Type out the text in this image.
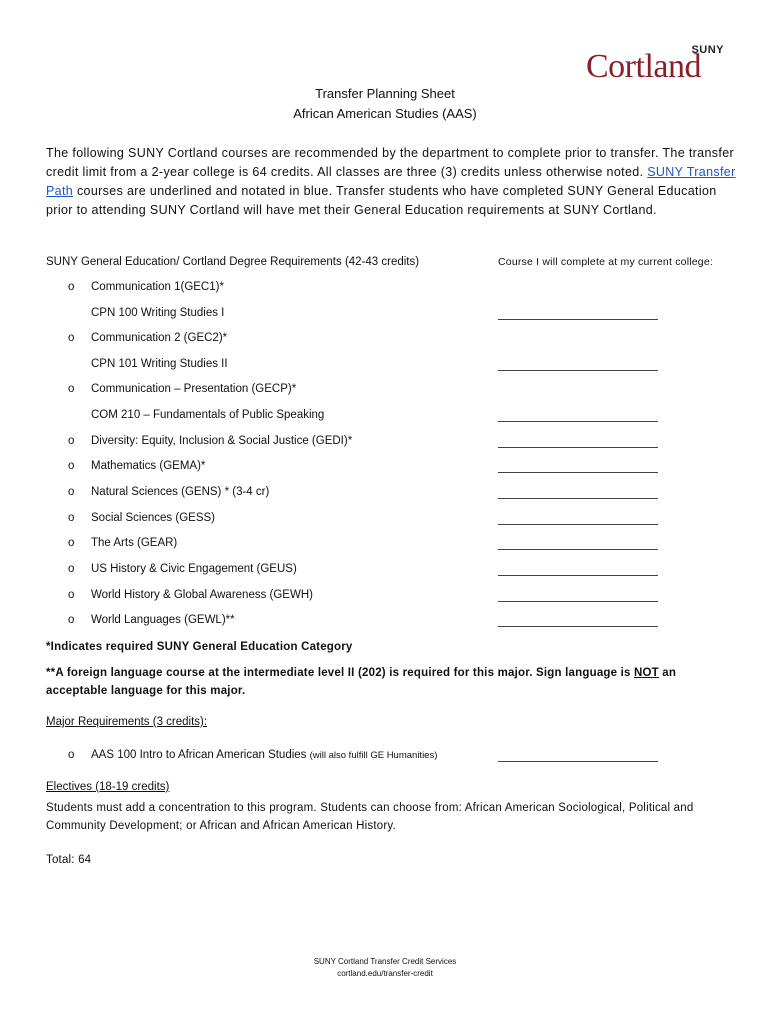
SUNY
Cortland
Transfer Planning Sheet
African American Studies (AAS)

The following SUNY Cortland courses are recommended by the department to complete prior to transfer. The transfer credit limit from a 2-year college is 64 credits. All classes are three (3) credits unless otherwise noted. SUNY Transfer Path courses are underlined and notated in blue. Transfer students who have completed SUNY General Education prior to attending SUNY Cortland will have met their General Education requirements at SUNY Cortland.

SUNY General Education/ Cortland Degree Requirements (42-43 credits)	Course I will complete at my current college:
o Communication 1(GEC1)*
CPN 100 Writing Studies I
o Communication 2 (GEC2)*
CPN 101 Writing Studies II
o Communication – Presentation (GECP)*
COM 210 – Fundamentals of Public Speaking
o Diversity: Equity, Inclusion & Social Justice (GEDI)*
o Mathematics (GEMA)*
o Natural Sciences (GENS) * (3-4 cr)
o Social Sciences (GESS)
o The Arts (GEAR)
o US History & Civic Engagement (GEUS)
o World History & Global Awareness (GEWH)
o World Languages (GEWL)**
*Indicates required SUNY General Education Category
**A foreign language course at the intermediate level II (202) is required for this major. Sign language is NOT an acceptable language for this major.
Major Requirements (3 credits):
o AAS 100 Intro to African American Studies (will also fulfill GE Humanities)
Electives (18-19 credits)

Students must add a concentration to this program. Students can choose from: African American Sociological, Political and Community Development; or African and African American History.

Total: 64
SUNY Cortland Transfer Credit Services
cortland.edu/transfer-credit
